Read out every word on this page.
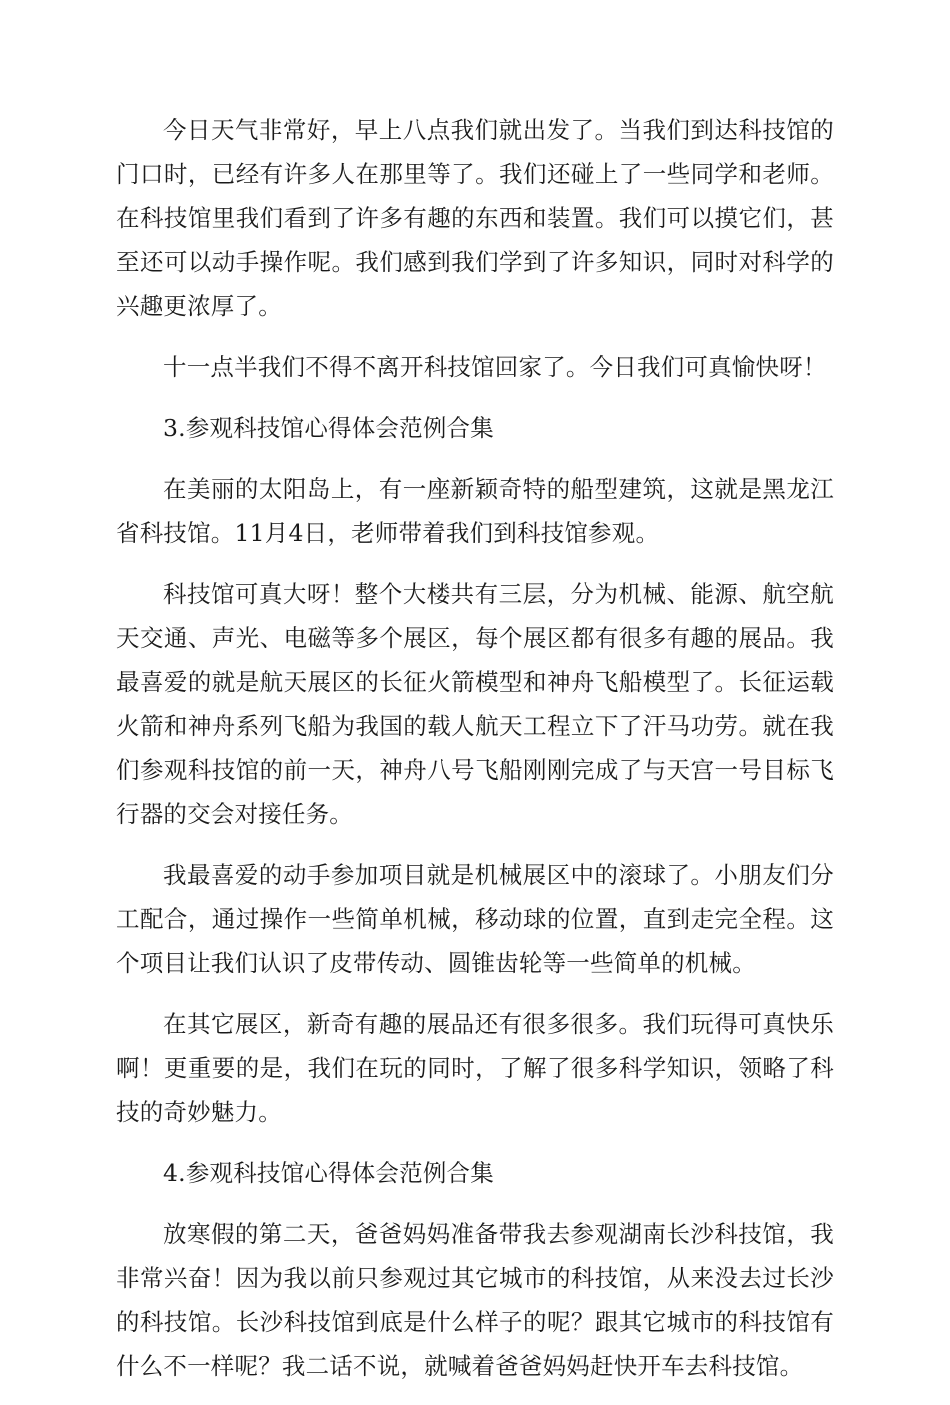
今日天气非常好，早上八点我们就出发了。当我们到达科技馆的门口时，已经有许多人在那里等了。我们还碰上了一些同学和老师。在科技馆里我们看到了许多有趣的东西和装置。我们可以摸它们，甚至还可以动手操作呢。我们感到我们学到了许多知识，同时对科学的兴趣更浓厚了。

十一点半我们不得不离开科技馆回家了。今日我们可真愉快呀！

3.参观科技馆心得体会范例合集

在美丽的太阳岛上，有一座新颖奇特的船型建筑，这就是黑龙江省科技馆。11月4日，老师带着我们到科技馆参观。

科技馆可真大呀！整个大楼共有三层，分为机械、能源、航空航天交通、声光、电磁等多个展区，每个展区都有很多有趣的展品。我最喜爱的就是航天展区的长征火箭模型和神舟飞船模型了。长征运载火箭和神舟系列飞船为我国的载人航天工程立下了汗马功劳。就在我们参观科技馆的前一天，神舟八号飞船刚刚完成了与天宫一号目标飞行器的交会对接任务。

我最喜爱的动手参加项目就是机械展区中的滚球了。小朋友们分工配合，通过操作一些简单机械，移动球的位置，直到走完全程。这个项目让我们认识了皮带传动、圆锥齿轮等一些简单的机械。

在其它展区，新奇有趣的展品还有很多很多。我们玩得可真快乐啊！更重要的是，我们在玩的同时，了解了很多科学知识，领略了科技的奇妙魅力。

4.参观科技馆心得体会范例合集

放寒假的第二天，爸爸妈妈准备带我去参观湖南长沙科技馆，我非常兴奋！因为我以前只参观过其它城市的科技馆，从来没去过长沙的科技馆。长沙科技馆到底是什么样子的呢？跟其它城市的科技馆有什么不一样呢？我二话不说，就喊着爸爸妈妈赶快开车去科技馆。
